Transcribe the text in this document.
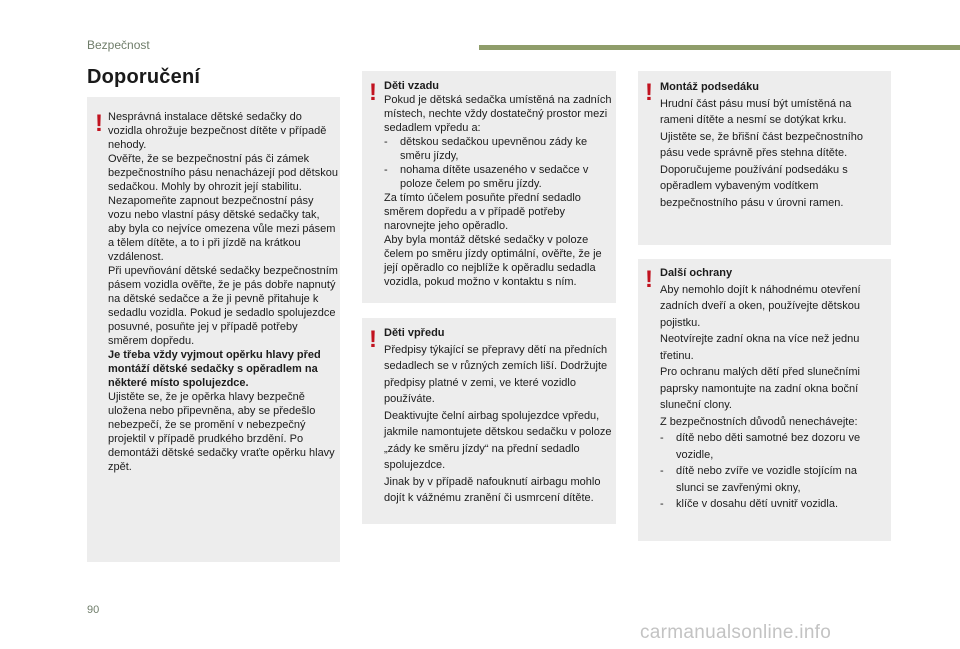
Bezpečnost
Doporučení
! Nesprávná instalace dětské sedačky do vozidla ohrožuje bezpečnost dítěte v případě nehody.

Ověřte, že se bezpečnostní pás či zámek bezpečnostního pásu nenacházejí pod dětskou sedačkou. Mohly by ohrozit její stabilitu.

Nezapomeňte zapnout bezpečnostní pásy vozu nebo vlastní pásy dětské sedačky tak, aby byla co nejvíce omezena vůle mezi pásem a tělem dítěte, a to i při jízdě na krátkou vzdálenost.

Při upevňování dětské sedačky bezpečnostním pásem vozidla ověřte, že je pás dobře napnutý na dětské sedačce a že ji pevně přitahuje k sedadlu vozidla. Pokud je sedadlo spolujezdce posuvné, posuňte jej v případě potřeby směrem dopředu.

Je třeba vždy vyjmout opěrku hlavy před montáží dětské sedačky s opěradlem na některé místo spolujezdce.

Ujistěte se, že je opěrka hlavy bezpečně uložena nebo připevněna, aby se předešlo nebezpečí, že se promění v nebezpečný projektil v případě prudkého brzdění. Po demontáži dětské sedačky vraťte opěrku hlavy zpět.

! Děti vzadu

Pokud je dětská sedačka umístěná na zadních místech, nechte vždy dostatečný prostor mezi sedadlem vpředu a:

-	dětskou sedačkou upevněnou zády ke směru jízdy,
-	nohama dítěte usazeného v sedačce v poloze čelem po směru jízdy.

Za tímto účelem posuňte přední sedadlo směrem dopředu a v případě potřeby narovnejte jeho opěradlo.

Aby byla montáž dětské sedačky v poloze čelem po směru jízdy optimální, ověřte, že je její opěradlo co nejblíže k opěradlu sedadla vozidla, pokud možno v kontaktu s ním.

! Děti vpředu

Předpisy týkající se přepravy dětí na předních sedadlech se v různých zemích liší. Dodržujte předpisy platné v zemi, ve které vozidlo používáte.

Deaktivujte čelní airbag spolujezdce vpředu, jakmile namontujete dětskou sedačku v poloze „zády ke směru jízdy“ na přední sedadlo spolujezdce.

Jinak by v případě nafouknutí airbagu mohlo dojít k vážnému zranění či usmrcení dítěte.

! Montáž podsedáku

Hrudní část pásu musí být umístěná na rameni dítěte a nesmí se dotýkat krku.

Ujistěte se, že břišní část bezpečnostního pásu vede správně přes stehna dítěte.

Doporučujeme používání podsedáku s opěradlem vybaveným vodítkem bezpečnostního pásu v úrovni ramen.

! Další ochrany

Aby nemohlo dojít k náhodnému otevření zadních dveří a oken, používejte dětskou pojistku.

Neotvírejte zadní okna na více než jednu třetinu.

Pro ochranu malých dětí před slunečními paprsky namontujte na zadní okna boční sluneční clony.

Z bezpečnostních důvodů nenechávejte:

-	dítě nebo děti samotné bez dozoru ve vozidle,
-	dítě nebo zvíře ve vozidle stojícím na slunci se zavřenými okny,
-	klíče v dosahu dětí uvnitř vozidla.
90
carmanualsonline.info
